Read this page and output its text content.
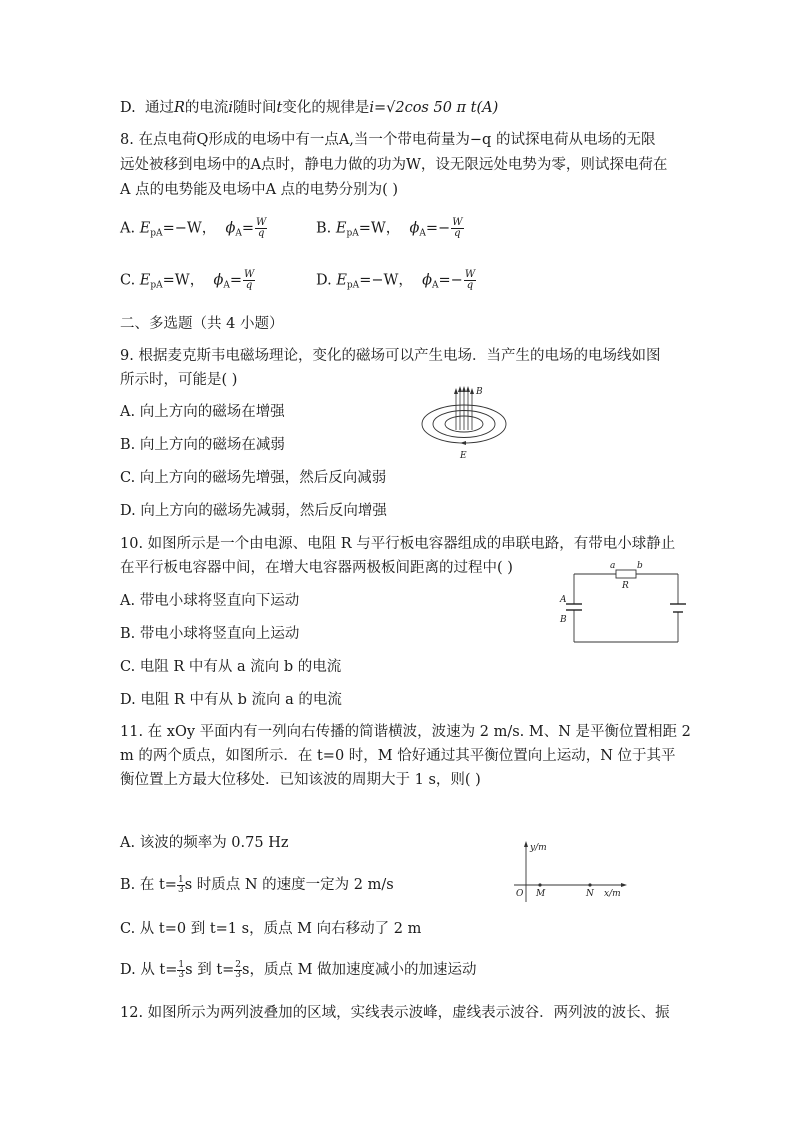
D. 通过R的电流i随时间t变化的规律是i=√2cos 50 π t(A)
8. 在点电荷Q形成的电场中有一点A,当一个带电荷量为−q 的试探电荷从电场的无限
远处被移到电场中的A点时，静电力做的功为W，设无限远处电势为零，则试探电荷在
A 点的电势能及电场中A 点的电势分别为( )
A. $E_{pA}=-W$， $\phi_A= \frac{W}{q}$	B. $E_{pA}=W$， $\phi_A=- \frac{W}{q}$
C. $E_{pA}=W$， $\phi_A= \frac{W}{q}$	D. $E_{pA}=-W$， $\phi_A=- \frac{W}{q}$
二、多选题（共 4 小题）
9. 根据麦克斯韦电磁场理论，变化的磁场可以产生电场．当产生的电场的电场线如图
所示时，可能是( )
A. 向上方向的磁场在增强
B. 向上方向的磁场在减弱
C. 向上方向的磁场先增强，然后反向减弱
D. 向上方向的磁场先减弱，然后反向增强
B
E
10. 如图所示是一个由电源、电阻 R 与平行板电容器组成的串联电路，有带电小球静止
在平行板电容器中间，在增大电容器两极板间距离的过程中( )
A. 带电小球将竖直向下运动
B. 带电小球将竖直向上运动
C. 电阻 R 中有从 a 流向 b 的电流
D. 电阻 R 中有从 b 流向 a 的电流
a b
R
A
B
11. 在 xOy 平面内有一列向右传播的简谐横波，波速为 2 m/s. M、N 是平衡位置相距 2
m 的两个质点，如图所示．在 t=0 时，M 恰好通过其平衡位置向上运动，N 位于其平
衡位置上方最大位移处．已知该波的周期大于 1 s，则( )
A. 该波的频率为 0.75 Hz
B. 在 $t= \frac{1}{3}$ s 时质点 N 的速度一定为 2 m/s
C. 从 t=0 到 t=1 s，质点 M 向右移动了 2 m
D. 从 $t= \frac{1}{3}$ s 到 $t= \frac{2}{3}$ s，质点 M 做加速度减小的加速运动
y/m
x/m
O M	N
12. 如图所示为两列波叠加的区域，实线表示波峰，虚线表示波谷．两列波的波长、振
